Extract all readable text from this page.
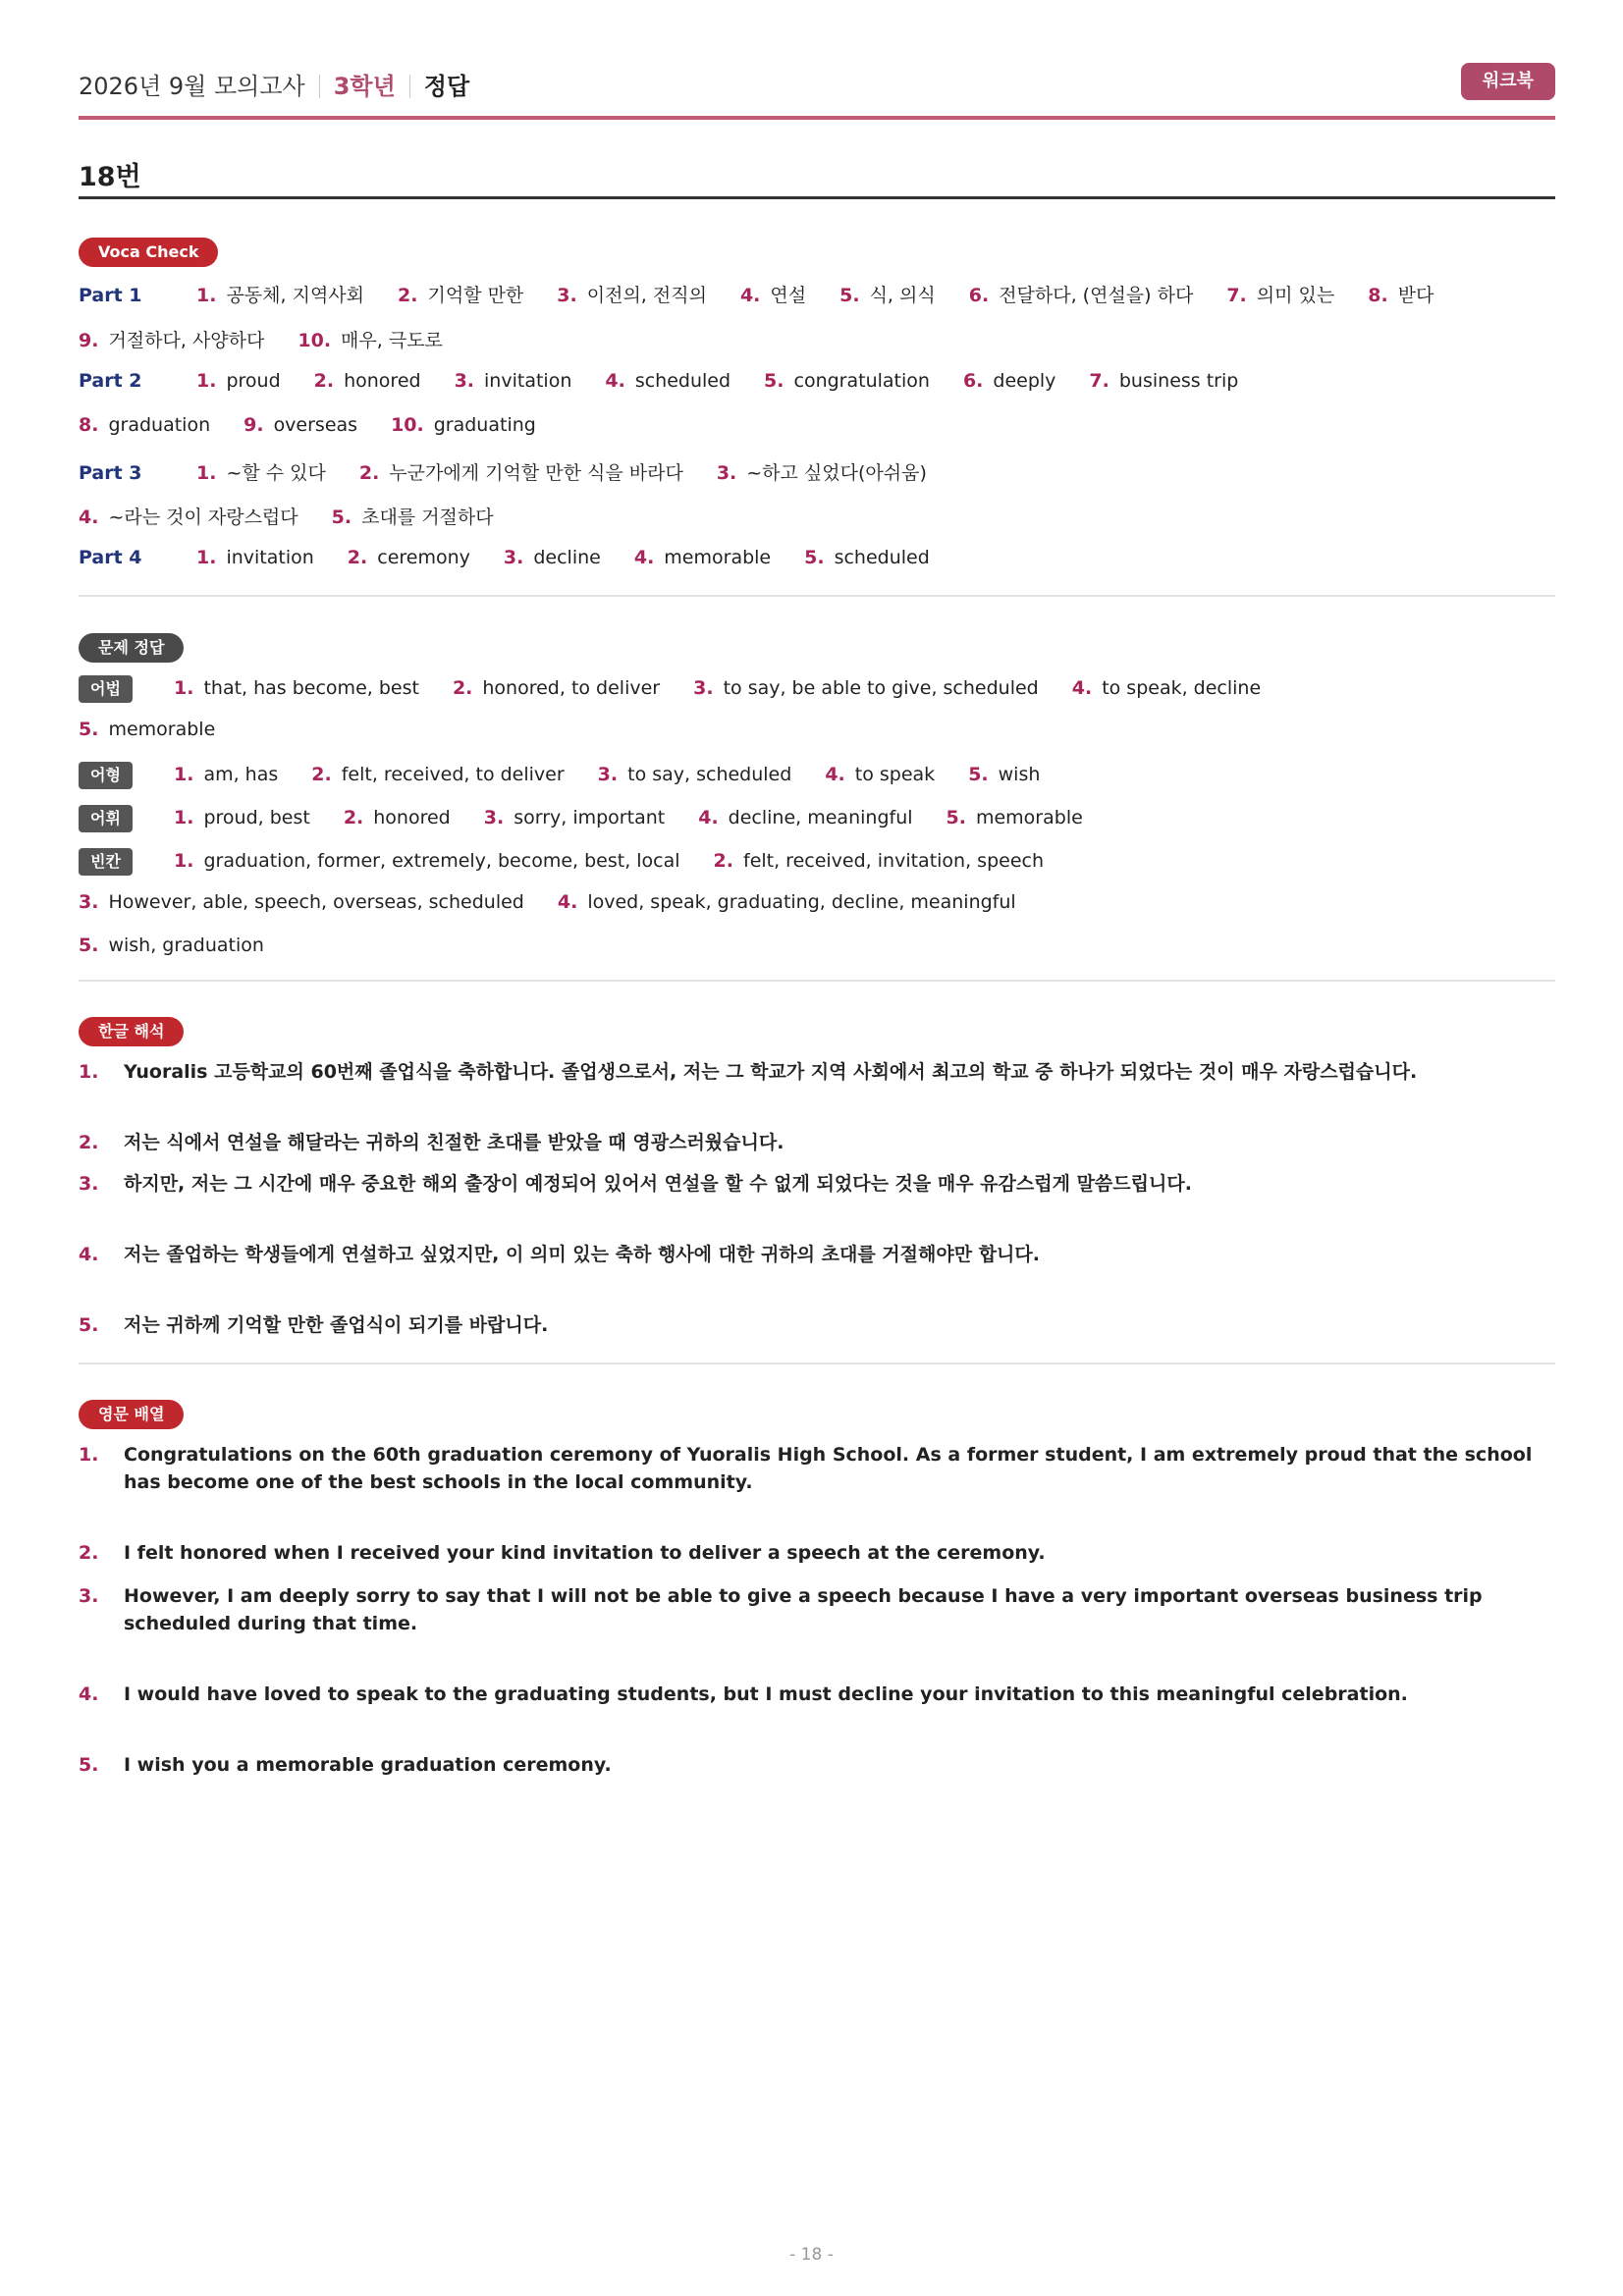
2026년 9월 모의고사 3학년 정답	워크북
18번
Voca Check
Part 1	1. 공동체, 지역사회 2. 기억할 만한 3. 이전의, 전직의 4. 연설 5. 식, 의식 6. 전달하다, (연설을) 하다 7. 의미 있는 8. 받다
9. 거절하다, 사양하다 10. 매우, 극도로
Part 2	1. proud 2. honored 3. invitation 4. scheduled 5. congratulation 6. deeply 7. business trip
8. graduation 9. overseas 10. graduating
Part 3	1. ~할 수 있다 2. 누군가에게 기억할 만한 식을 바라다 3. ~하고 싶었다(아쉬움)
4. ~라는 것이 자랑스럽다 5. 초대를 거절하다
Part 4	1. invitation 2. ceremony 3. decline 4. memorable 5. scheduled
문제 정답
어법	1. that, has become, best 2. honored, to deliver 3. to say, be able to give, scheduled 4. to speak, decline
5. memorable
어형	1. am, has 2. felt, received, to deliver 3. to say, scheduled 4. to speak 5. wish
어휘	1. proud, best 2. honored 3. sorry, important 4. decline, meaningful 5. memorable
빈칸	1. graduation, former, extremely, become, best, local 2. felt, received, invitation, speech
3. However, able, speech, overseas, scheduled 4. loved, speak, graduating, decline, meaningful
5. wish, graduation
한글 해석
1. Yuoralis 고등학교의 60번째 졸업식을 축하합니다. 졸업생으로서, 저는 그 학교가 지역 사회에서 최고의 학교 중 하나가 되었다는 것이 매우 자랑스럽습니다.
2. 저는 식에서 연설을 해달라는 귀하의 친절한 초대를 받았을 때 영광스러웠습니다.
3. 하지만, 저는 그 시간에 매우 중요한 해외 출장이 예정되어 있어서 연설을 할 수 없게 되었다는 것을 매우 유감스럽게 말씀드립니다.
4. 저는 졸업하는 학생들에게 연설하고 싶었지만, 이 의미 있는 축하 행사에 대한 귀하의 초대를 거절해야만 합니다.
5. 저는 귀하께 기억할 만한 졸업식이 되기를 바랍니다.
영문 배열
1. Congratulations on the 60th graduation ceremony of Yuoralis High School. As a former student, I am extremely proud that the school has become one of the best schools in the local community.
2. I felt honored when I received your kind invitation to deliver a speech at the ceremony.
3. However, I am deeply sorry to say that I will not be able to give a speech because I have a very important overseas business trip scheduled during that time.
4. I would have loved to speak to the graduating students, but I must decline your invitation to this meaningful celebration.
5. I wish you a memorable graduation ceremony.
- 18 -
